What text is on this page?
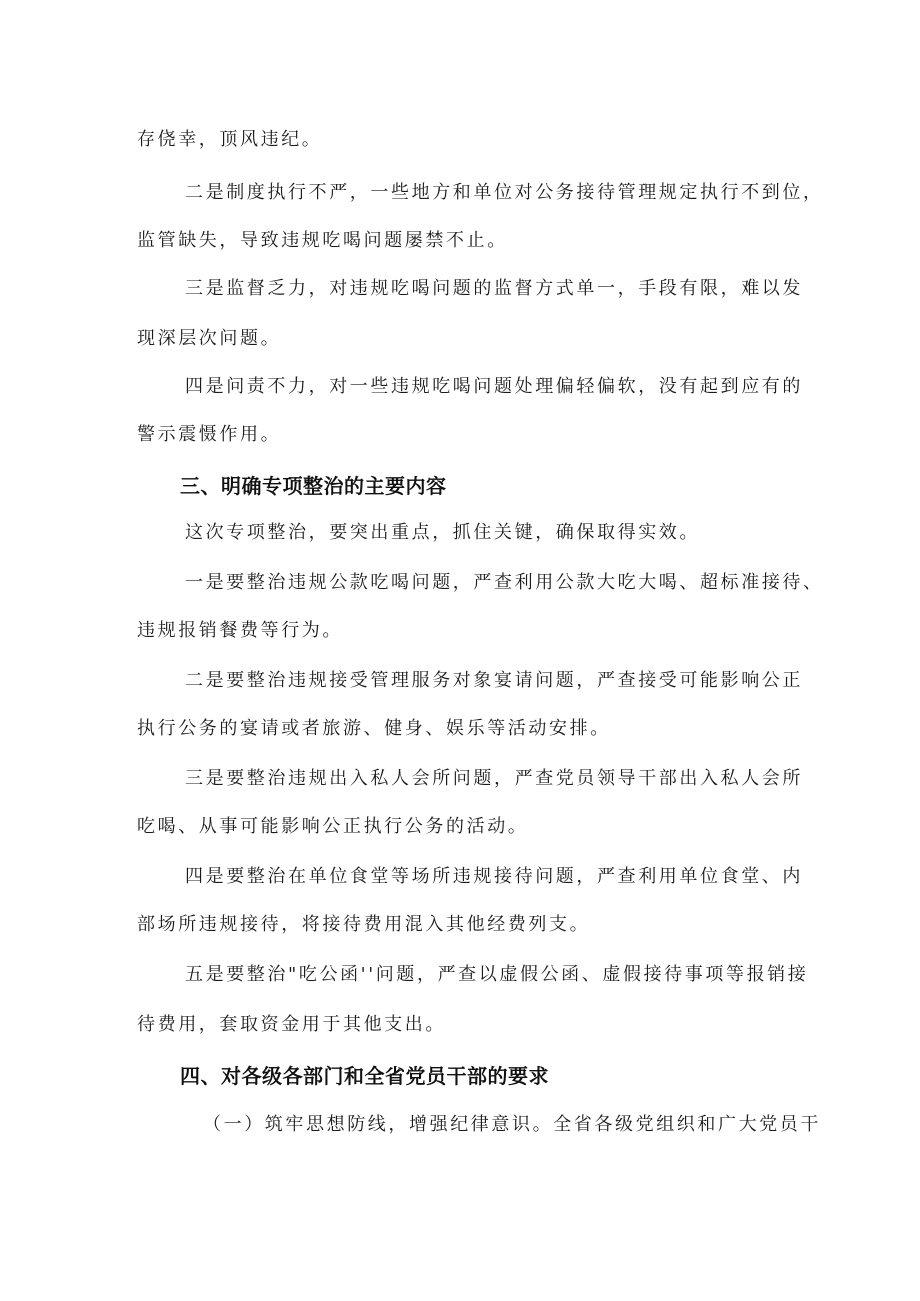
存侥幸，顶风违纪。

二是制度执行不严，一些地方和单位对公务接待管理规定执行不到位，

监管缺失，导致违规吃喝问题屡禁不止。

三是监督乏力，对违规吃喝问题的监督方式单一，手段有限，难以发

现深层次问题。

四是问责不力，对一些违规吃喝问题处理偏轻偏软，没有起到应有的

警示震慑作用。

三、明确专项整治的主要内容

这次专项整治，要突出重点，抓住关键，确保取得实效。

一是要整治违规公款吃喝问题，严查利用公款大吃大喝、超标准接待、

违规报销餐费等行为。

二是要整治违规接受管理服务对象宴请问题，严查接受可能影响公正

执行公务的宴请或者旅游、健身、娱乐等活动安排。

三是要整治违规出入私人会所问题，严查党员领导干部出入私人会所

吃喝、从事可能影响公正执行公务的活动。

四是要整治在单位食堂等场所违规接待问题，严查利用单位食堂、内

部场所违规接待，将接待费用混入其他经费列支。

五是要整治"吃公函''问题，严查以虚假公函、虚假接待事项等报销接

待费用，套取资金用于其他支出。

四、对各级各部门和全省党员干部的要求

（一）筑牢思想防线，增强纪律意识。全省各级党组织和广大党员干
